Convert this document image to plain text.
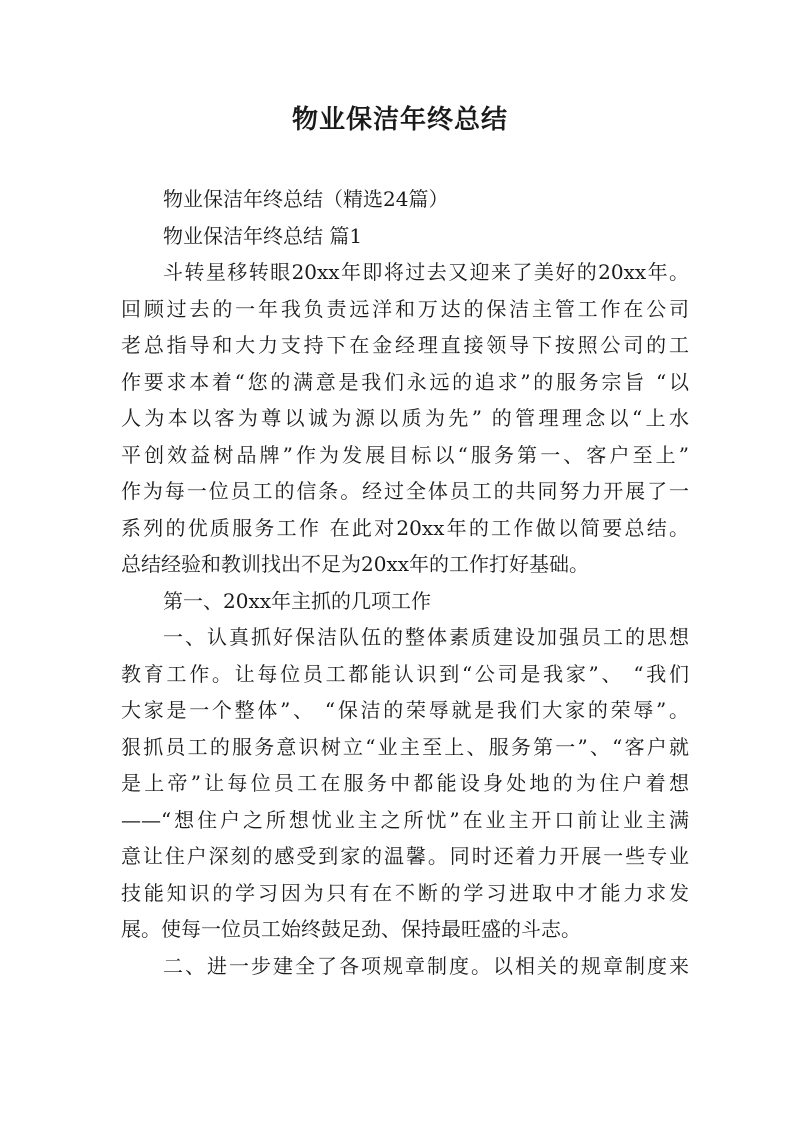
物业保洁年终总结
物业保洁年终总结（精选24篇）
物业保洁年终总结 篇1
斗转星移转眼20xx年即将过去又迎来了美好的20xx年。
回顾过去的一年我负责远洋和万达的保洁主管工作在公司
老总指导和大力支持下在金经理直接领导下按照公司的工
作要求本着“您的满意是我们永远的追求”的服务宗旨 “以
人为本以客为尊以诚为源以质为先” 的管理理念以“上水
平创效益树品牌”作为发展目标以“服务第一、客户至上”
作为每一位员工的信条。经过全体员工的共同努力开展了一
系列的优质服务工作 在此对20xx年的工作做以简要总结。
总结经验和教训找出不足为20xx年的工作打好基础。
第一、20xx年主抓的几项工作
一、认真抓好保洁队伍的整体素质建设加强员工的思想
教育工作。让每位员工都能认识到“公司是我家”、 “我们
大家是一个整体”、 “保洁的荣辱就是我们大家的荣辱”。
狠抓员工的服务意识树立“业主至上、服务第一”、“客户就
是上帝”让每位员工在服务中都能设身处地的为住户着想
——“想住户之所想忧业主之所忧”在业主开口前让业主满
意让住户深刻的感受到家的温馨。同时还着力开展一些专业
技能知识的学习因为只有在不断的学习进取中才能力求发
展。使每一位员工始终鼓足劲、保持最旺盛的斗志。
二、进一步建全了各项规章制度。以相关的规章制度来
